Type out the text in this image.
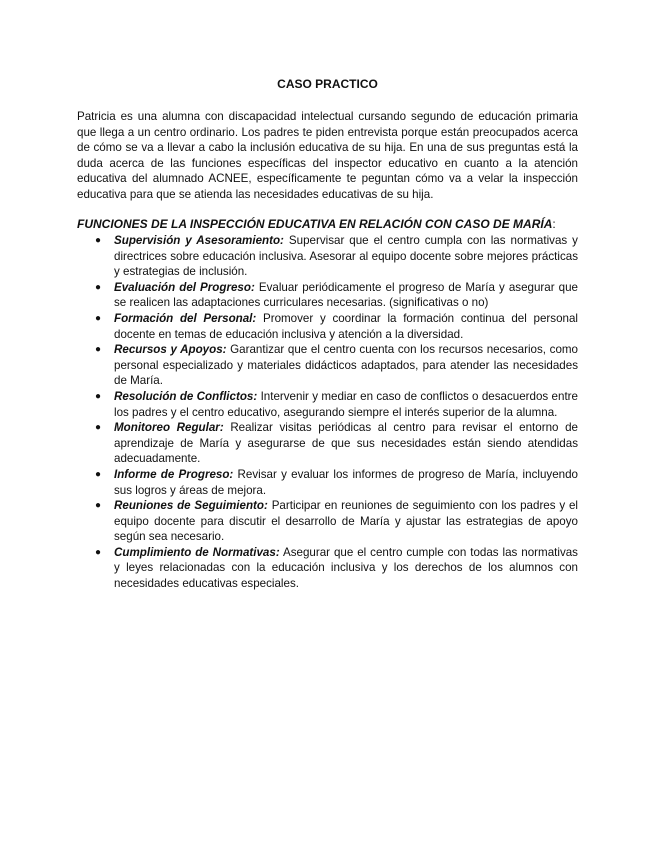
CASO PRACTICO

Patricia es una alumna con discapacidad intelectual cursando segundo de educación primaria que llega a un centro ordinario. Los padres te piden entrevista porque están preocupados acerca de cómo se va a llevar a cabo la inclusión educativa de su hija. En una de sus preguntas está la duda acerca de las funciones específicas del inspector educativo en cuanto a la atención educativa del alumnado ACNEE, específicamente te peguntan cómo va a velar la inspección educativa para que se atienda las necesidades educativas de su hija.

FUNCIONES DE LA INSPECCIÓN EDUCATIVA EN RELACIÓN CON CASO DE MARÍA:

● Supervisión y Asesoramiento: Supervisar que el centro cumpla con las normativas y directrices sobre educación inclusiva. Asesorar al equipo docente sobre mejores prácticas y estrategias de inclusión.
● Evaluación del Progreso: Evaluar periódicamente el progreso de María y asegurar que se realicen las adaptaciones curriculares necesarias. (significativas o no)
● Formación del Personal: Promover y coordinar la formación continua del personal docente en temas de educación inclusiva y atención a la diversidad.
● Recursos y Apoyos: Garantizar que el centro cuenta con los recursos necesarios, como personal especializado y materiales didácticos adaptados, para atender las necesidades de María.
● Resolución de Conflictos: Intervenir y mediar en caso de conflictos o desacuerdos entre los padres y el centro educativo, asegurando siempre el interés superior de la alumna.
● Monitoreo Regular: Realizar visitas periódicas al centro para revisar el entorno de aprendizaje de María y asegurarse de que sus necesidades están siendo atendidas adecuadamente.
● Informe de Progreso: Revisar y evaluar los informes de progreso de María, incluyendo sus logros y áreas de mejora.
● Reuniones de Seguimiento: Participar en reuniones de seguimiento con los padres y el equipo docente para discutir el desarrollo de María y ajustar las estrategias de apoyo según sea necesario.
● Cumplimiento de Normativas: Asegurar que el centro cumple con todas las normativas y leyes relacionadas con la educación inclusiva y los derechos de los alumnos con necesidades educativas especiales.
